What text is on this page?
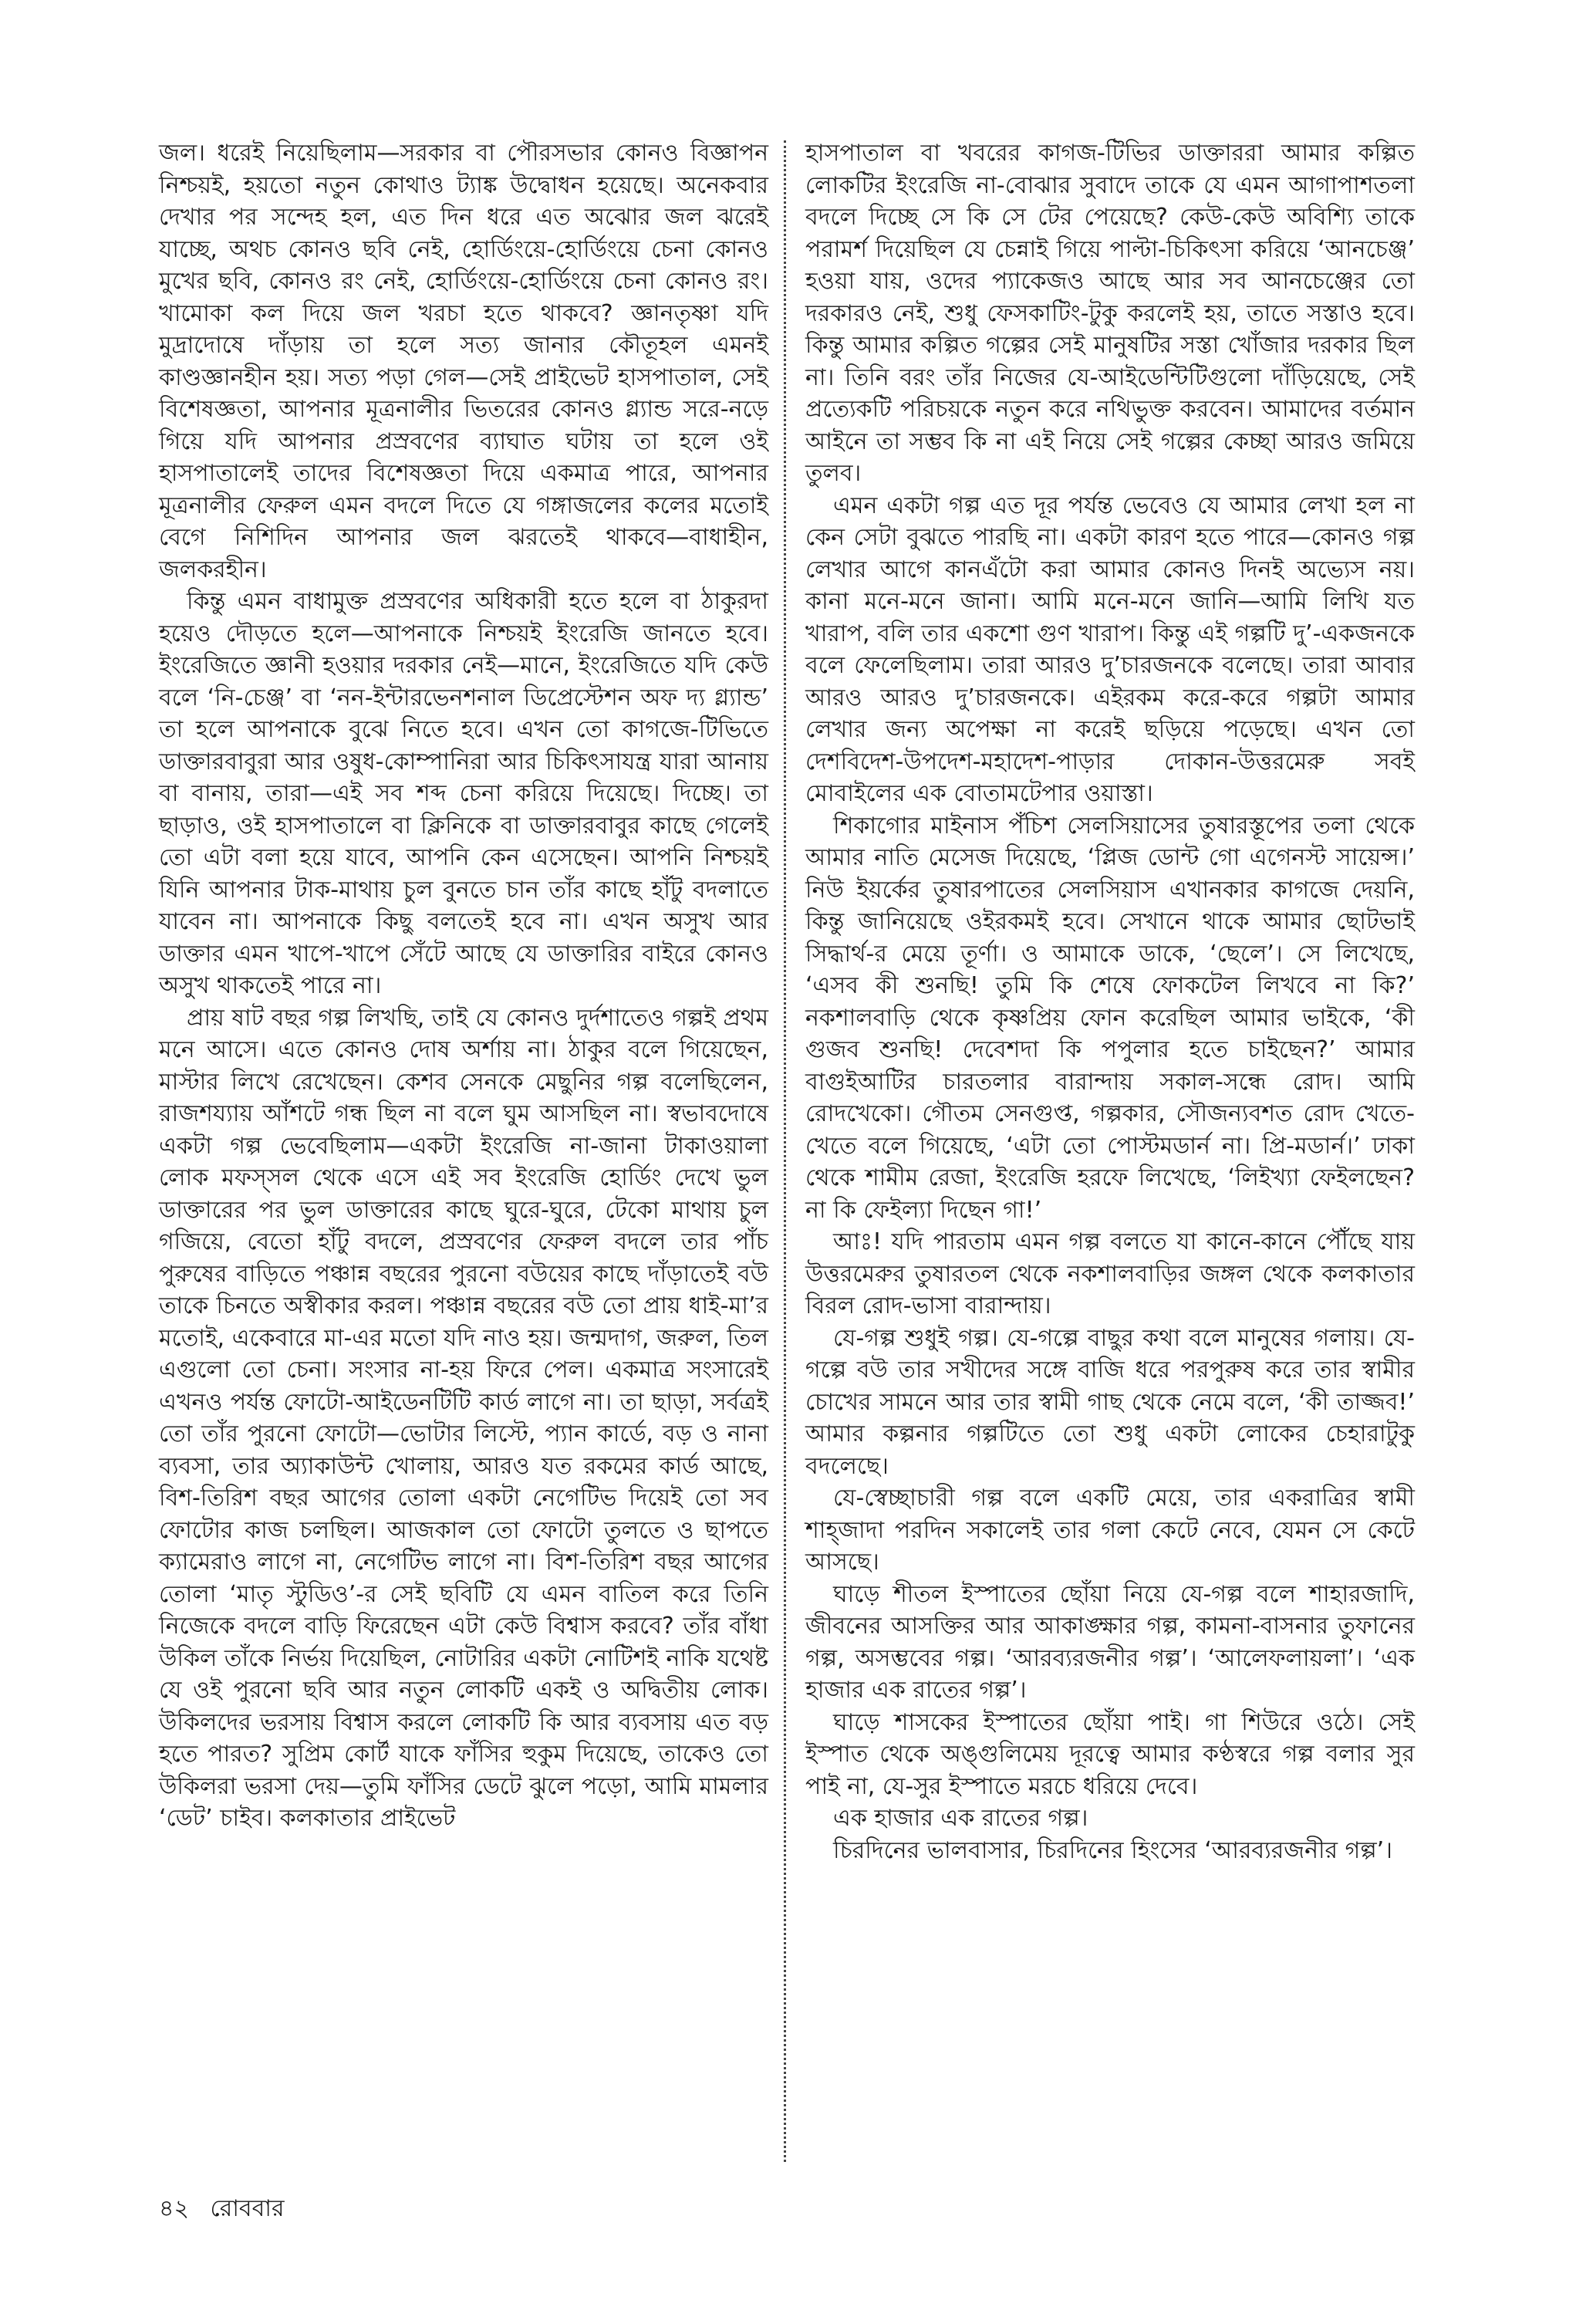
জল। ধরেই নিয়েছিলাম—সরকার বা পৌরসভার কোনও বিজ্ঞাপন নিশ্চয়ই, হয়তো নতুন কোথাও ট্যাঙ্ক উদ্বোধন হয়েছে। অনেকবার দেখার পর সন্দেহ হল, এত দিন ধরে এত অঝোর জল ঝরেই যাচ্ছে, অথচ কোনও ছবি নেই, হোর্ডিংয়ে-হোর্ডিংয়ে চেনা কোনও মুখের ছবি, কোনও রং নেই, হোর্ডিংয়ে-হোর্ডিংয়ে চেনা কোনও রং। খামোকা কল দিয়ে জল খরচা হতে থাকবে? জ্ঞানতৃষ্ণা যদি মুদ্রাদোষে দাঁড়ায় তা হলে সত্য জানার কৌতূহল এমনই কাণ্ডজ্ঞানহীন হয়। সত্য পড়া গেল—সেই প্রাইভেট হাসপাতাল, সেই বিশেষজ্ঞতা, আপনার মূত্রনালীর ভিতরের কোনও গ্ল্যান্ড সরে-নড়ে গিয়ে যদি আপনার প্রস্রবণের ব্যাঘাত ঘটায় তা হলে ওই হাসপাতালেই তাদের বিশেষজ্ঞতা দিয়ে একমাত্র পারে, আপনার মূত্রনালীর ফেরুল এমন বদলে দিতে যে গঙ্গাজলের কলের মতোই বেগে নিশিদিন আপনার জল ঝরতেই থাকবে—বাধাহীন, জলকরহীন।

কিন্তু এমন বাধামুক্ত প্রস্রবণের অধিকারী হতে হলে বা ঠাকুরদা হয়েও দৌড়তে হলে—আপনাকে নিশ্চয়ই ইংরেজি জানতে হবে। ইংরেজিতে জ্ঞানী হওয়ার দরকার নেই—মানে, ইংরেজিতে যদি কেউ বলে ‘নি-চেঞ্জ’ বা ‘নন-ইন্টারভেনশনাল ডিপ্রেস্টেশন অফ দ্য গ্ল্যান্ড’ তা হলে আপনাকে বুঝে নিতে হবে। এখন তো কাগজে-টিভিতে ডাক্তারবাবুরা আর ওষুধ-কোম্পানিরা আর চিকিৎসাযন্ত্র যারা আনায় বা বানায়, তারা—এই সব শব্দ চেনা করিয়ে দিয়েছে। দিচ্ছে। তা ছাড়াও, ওই হাসপাতালে বা ক্লিনিকে বা ডাক্তারবাবুর কাছে গেলেই তো এটা বলা হয়ে যাবে, আপনি কেন এসেছেন। আপনি নিশ্চয়ই যিনি আপনার টাক-মাথায় চুল বুনতে চান তাঁর কাছে হাঁটু বদলাতে যাবেন না। আপনাকে কিছু বলতেই হবে না। এখন অসুখ আর ডাক্তার এমন খাপে-খাপে সেঁটে আছে যে ডাক্তারির বাইরে কোনও অসুখ থাকতেই পারে না।

প্রায় ষাট বছর গল্প লিখছি, তাই যে কোনও দুর্দশাতেও গল্পই প্রথম মনে আসে। এতে কোনও দোষ অর্শায় না। ঠাকুর বলে গিয়েছেন, মাস্টার লিখে রেখেছেন। কেশব সেনকে মেছুনির গল্প বলেছিলেন, রাজশয্যায় আঁশটে গন্ধ ছিল না বলে ঘুম আসছিল না। স্বভাবদোষে একটা গল্প ভেবেছিলাম—একটা ইংরেজি না-জানা টাকাওয়ালা লোক মফস্সল থেকে এসে এই সব ইংরেজি হোর্ডিং দেখে ভুল ডাক্তারের পর ভুল ডাক্তারের কাছে ঘুরে-ঘুরে, টেকো মাথায় চুল গজিয়ে, বেতো হাঁটু বদলে, প্রস্রবণের ফেরুল বদলে তার পাঁচ পুরুষের বাড়িতে পঞ্চান্ন বছরের পুরনো বউয়ের কাছে দাঁড়াতেই বউ তাকে চিনতে অস্বীকার করল। পঞ্চান্ন বছরের বউ তো প্রায় ধাই-মা’র মতোই, একেবারে মা-এর মতো যদি নাও হয়। জন্মদাগ, জরুল, তিল এগুলো তো চেনা। সংসার না-হয় ফিরে পেল। একমাত্র সংসারেই এখনও পর্যন্ত ফোটো-আইডেনটিটি কার্ড লাগে না। তা ছাড়া, সর্বত্রই তো তাঁর পুরনো ফোটো—ভোটার লিস্টে, প্যান কার্ডে, বড় ও নানা ব্যবসা, তার অ্যাকাউন্ট খোলায়, আরও যত রকমের কার্ড আছে, বিশ-তিরিশ বছর আগের তোলা একটা নেগেটিভ দিয়েই তো সব ফোটোর কাজ চলছিল। আজকাল তো ফোটো তুলতে ও ছাপতে ক্যামেরাও লাগে না, নেগেটিভ লাগে না। বিশ-তিরিশ বছর আগের তোলা ‘মাতৃ স্টুডিও’-র সেই ছবিটি যে এমন বাতিল করে তিনি নিজেকে বদলে বাড়ি ফিরেছেন এটা কেউ বিশ্বাস করবে? তাঁর বাঁধা উকিল তাঁকে নির্ভয় দিয়েছিল, নোটারির একটা নোটিশই নাকি যথেষ্ট যে ওই পুরনো ছবি আর নতুন লোকটি একই ও অদ্বিতীয় লোক। উকিলদের ভরসায় বিশ্বাস করলে লোকটি কি আর ব্যবসায় এত বড় হতে পারত? সুপ্রিম কোর্ট যাকে ফাঁসির হুকুম দিয়েছে, তাকেও তো উকিলরা ভরসা দেয়—তুমি ফাঁসির ডেটে ঝুলে পড়ো, আমি মামলার ‘ডেট’ চাইব। কলকাতার প্রাইভেট

হাসপাতাল বা খবরের কাগজ-টিভির ডাক্তাররা আমার কল্পিত লোকটির ইংরেজি না-বোঝার সুবাদে তাকে যে এমন আগাপাশতলা বদলে দিচ্ছে সে কি সে টের পেয়েছে? কেউ-কেউ অবিশ্যি তাকে পরামর্শ দিয়েছিল যে চেন্নাই গিয়ে পাল্টা-চিকিৎসা করিয়ে ‘আনচেঞ্জ’ হওয়া যায়, ওদের প্যাকেজও আছে আর সব আনচেঞ্জের তো দরকারও নেই, শুধু ফেসকাটিং-টুকু করলেই হয়, তাতে সস্তাও হবে। কিন্তু আমার কল্পিত গল্পের সেই মানুষটির সস্তা খোঁজার দরকার ছিল না। তিনি বরং তাঁর নিজের যে-আইডেন্টিটিগুলো দাঁড়িয়েছে, সেই প্রত্যেকটি পরিচয়কে নতুন করে নথিভুক্ত করবেন। আমাদের বর্তমান আইনে তা সম্ভব কি না এই নিয়ে সেই গল্পের কেচ্ছা আরও জমিয়ে তুলব।

এমন একটা গল্প এত দূর পর্যন্ত ভেবেও যে আমার লেখা হল না কেন সেটা বুঝতে পারছি না। একটা কারণ হতে পারে—কোনও গল্প লেখার আগে কানএঁটো করা আমার কোনও দিনই অভ্যেস নয়। কানা মনে-মনে জানা। আমি মনে-মনে জানি—আমি লিখি যত খারাপ, বলি তার একশো গুণ খারাপ। কিন্তু এই গল্পটি দু’-একজনকে বলে ফেলেছিলাম। তারা আরও দু’চারজনকে বলেছে। তারা আবার আরও আরও দু’চারজনকে। এইরকম করে-করে গল্পটা আমার লেখার জন্য অপেক্ষা না করেই ছড়িয়ে পড়েছে। এখন তো দেশবিদেশ-উপদেশ-মহাদেশ-পাড়ার দোকান-উত্তরমেরু সবই মোবাইলের এক বোতামটেপার ওয়াস্তা।

শিকাগোর মাইনাস পঁচিশ সেলসিয়াসের তুষারস্তূপের তলা থেকে আমার নাতি মেসেজ দিয়েছে, ‘প্লিজ ডোন্ট গো এগেনস্ট সায়েন্স।’ নিউ ইয়র্কের তুষারপাতের সেলসিয়াস এখানকার কাগজে দেয়নি, কিন্তু জানিয়েছে ওইরকমই হবে। সেখানে থাকে আমার ছোটভাই সিদ্ধার্থ-র মেয়ে তূর্ণা। ও আমাকে ডাকে, ‘ছেলে’। সে লিখেছে, ‘এসব কী শুনছি! তুমি কি শেষে ফোকটেল লিখবে না কি?’ নকশালবাড়ি থেকে কৃষ্ণপ্রিয় ফোন করেছিল আমার ভাইকে, ‘কী গুজব শুনছি! দেবেশদা কি পপুলার হতে চাইছেন?’ আমার বাগুইআটির চারতলার বারান্দায় সকাল-সন্ধে রোদ। আমি রোদখেকো। গৌতম সেনগুপ্ত, গল্পকার, সৌজন্যবশত রোদ খেতে-খেতে বলে গিয়েছে, ‘এটা তো পোস্টমডার্ন না। প্রি-মডার্ন।’ ঢাকা থেকে শামীম রেজা, ইংরেজি হরফে লিখেছে, ‘লিইখ্যা ফেইলছেন? না কি ফেইল্যা দিছেন গা!’

আঃ! যদি পারতাম এমন গল্প বলতে যা কানে-কানে পৌঁছে যায় উত্তরমেরুর তুষারতল থেকে নকশালবাড়ির জঙ্গল থেকে কলকাতার বিরল রোদ-ভাসা বারান্দায়।

যে-গল্প শুধুই গল্প। যে-গল্পে বাছুর কথা বলে মানুষের গলায়। যে-গল্পে বউ তার সখীদের সঙ্গে বাজি ধরে পরপুরুষ করে তার স্বামীর চোখের সামনে আর তার স্বামী গাছ থেকে নেমে বলে, ‘কী তাজ্জব!’ আমার কল্পনার গল্পটিতে তো শুধু একটা লোকের চেহারাটুকু বদলেছে।

যে-স্বেচ্ছাচারী গল্প বলে একটি মেয়ে, তার একরাত্রির স্বামী শাহ্‌জাদা পরদিন সকালেই তার গলা কেটে নেবে, যেমন সে কেটে আসছে।

ঘাড়ে শীতল ইস্পাতের ছোঁয়া নিয়ে যে-গল্প বলে শাহারজাদি, জীবনের আসক্তির আর আকাঙ্ক্ষার গল্প, কামনা-বাসনার তুফানের গল্প, অসম্ভবের গল্প। ‘আরব্যরজনীর গল্প’। ‘আলেফলায়লা’। ‘এক হাজার এক রাতের গল্প’।

ঘাড়ে শাসকের ইস্পাতের ছোঁয়া পাই। গা শিউরে ওঠে। সেই ইস্পাত থেকে অঙ্গুলিমেয় দূরত্বে আমার কণ্ঠস্বরে গল্প বলার সুর পাই না, যে-সুর ইস্পাতে মরচে ধরিয়ে দেবে।

এক হাজার এক রাতের গল্প।

চিরদিনের ভালবাসার, চিরদিনের হিংসের ‘আরব্যরজনীর গল্প’।

৪২ রোববার
